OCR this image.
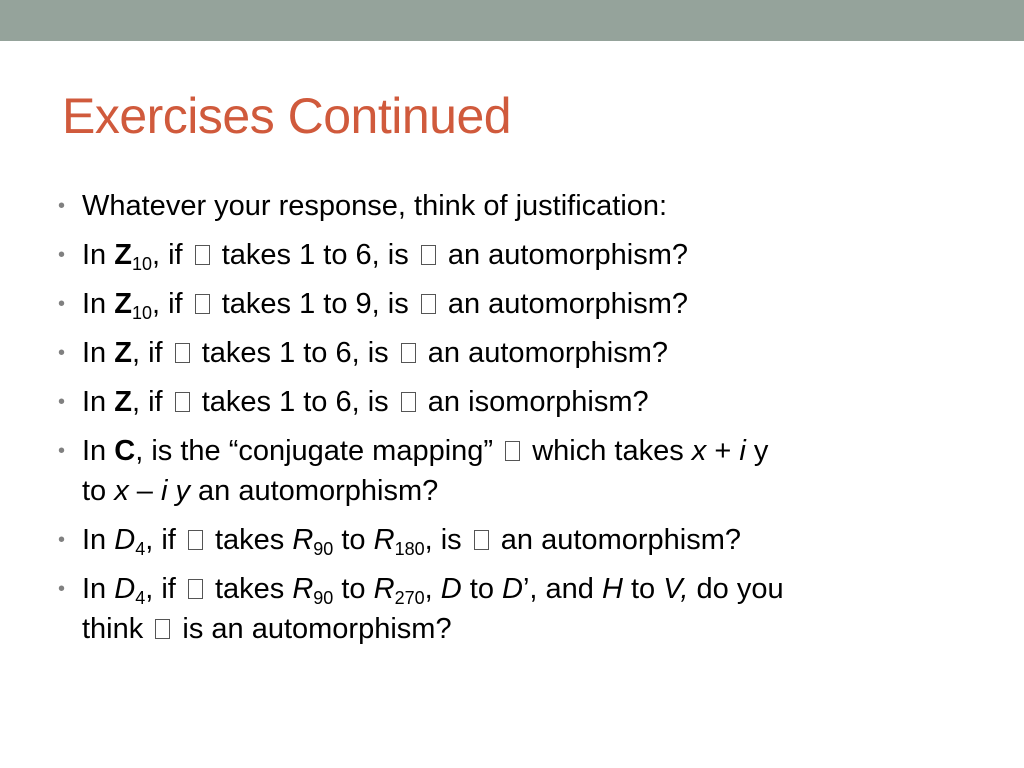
Exercises Continued
• Whatever your response, think of justification:
• In $Z_{10}$, if  takes 1 to 6, is  an automorphism?
• In $Z_{10}$, if  takes 1 to 9, is  an automorphism?
• In Z, if  takes 1 to 6, is  an automorphism?
• In Z, if  takes 1 to 6, is  an isomorphism?
• In C, is the “conjugate mapping”  which takes x + i y
to x – i y an automorphism?
• In $D_4$, if  takes $R_{90}$ to $R_{180}$, is  an automorphism?
• In $D_4$, if  takes $R_{90}$ to $R_{270}$, D to D’, and H to V, do you
think  is an automorphism?
